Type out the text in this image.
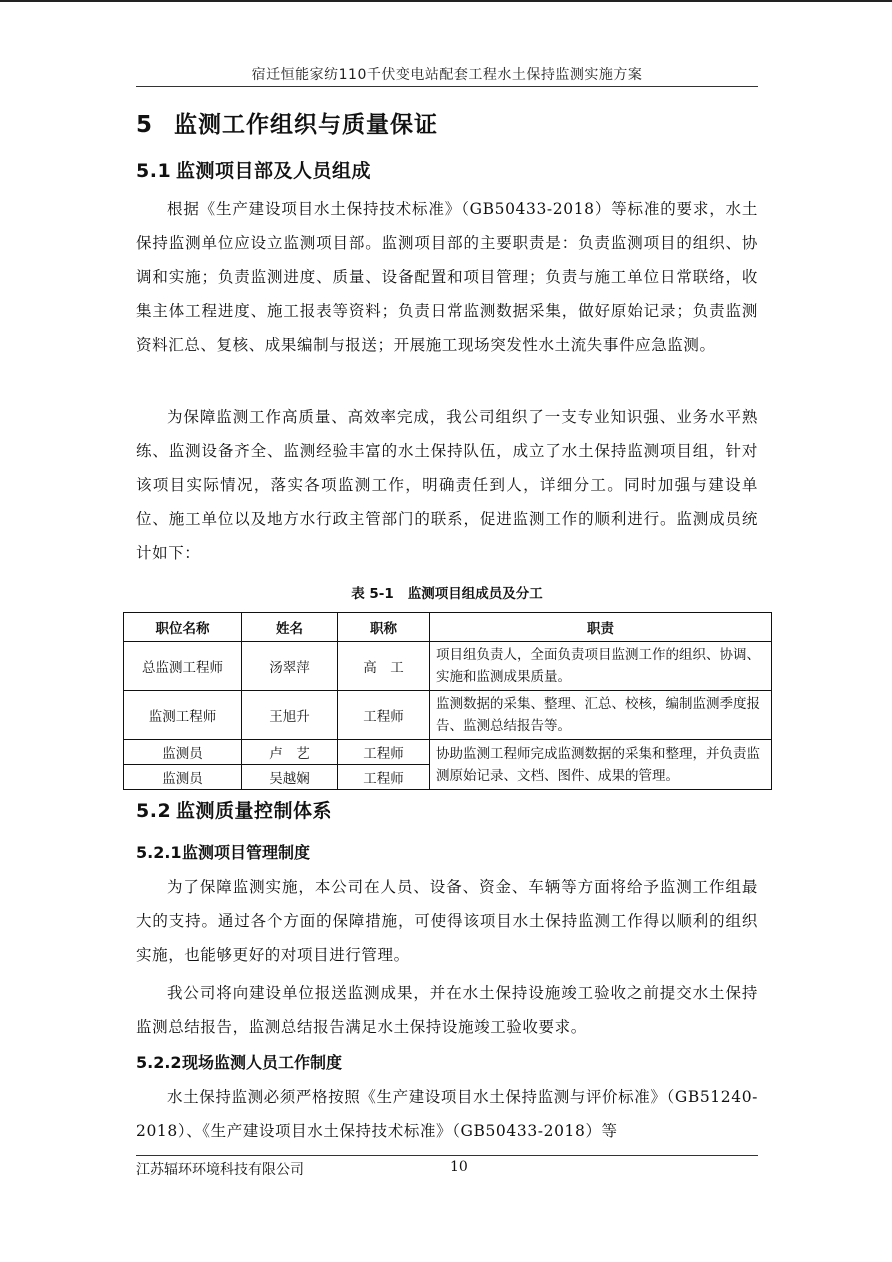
宿迁恒能家纺110千伏变电站配套工程水土保持监测实施方案
5 监测工作组织与质量保证
5.1 监测项目部及人员组成

根据《生产建设项目水土保持技术标准》（GB50433-2018）等标准的要求，水土保持监测单位应设立监测项目部。监测项目部的主要职责是：负责监测项目的组织、协调和实施；负责监测进度、质量、设备配置和项目管理；负责与施工单位日常联络，收集主体工程进度、施工报表等资料；负责日常监测数据采集，做好原始记录；负责监测资料汇总、复核、成果编制与报送；开展施工现场突发性水土流失事件应急监测。

为保障监测工作高质量、高效率完成，我公司组织了一支专业知识强、业务水平熟练、监测设备齐全、监测经验丰富的水土保持队伍，成立了水土保持监测项目组，针对该项目实际情况，落实各项监测工作，明确责任到人，详细分工。同时加强与建设单位、施工单位以及地方水行政主管部门的联系，促进监测工作的顺利进行。监测成员统计如下：

表 5-1 监测项目组成员及分工
职位名称	姓名	职称	职责
总监测工程师	汤翠萍	高　工	项目组负责人，全面负责项目监测工作的组织、协调、实施和监测成果质量。
监测工程师	王旭升	工程师	监测数据的采集、整理、汇总、校核，编制监测季度报告、监测总结报告等。
监测员	卢　艺	工程师	协助监测工程师完成监测数据的采集和整理，并负责监测原始记录、文档、图件、成果的管理。
监测员	吴越娴	工程师	
5.2 监测质量控制体系
5.2.1监测项目管理制度

为了保障监测实施，本公司在人员、设备、资金、车辆等方面将给予监测工作组最大的支持。通过各个方面的保障措施，可使得该项目水土保持监测工作得以顺利的组织实施，也能够更好的对项目进行管理。

我公司将向建设单位报送监测成果，并在水土保持设施竣工验收之前提交水土保持监测总结报告，监测总结报告满足水土保持设施竣工验收要求。

5.2.2现场监测人员工作制度

水土保持监测必须严格按照《生产建设项目水土保持监测与评价标准》（GB51240-2018）、《生产建设项目水土保持技术标准》（GB50433-2018）等

江苏辐环环境科技有限公司	10
